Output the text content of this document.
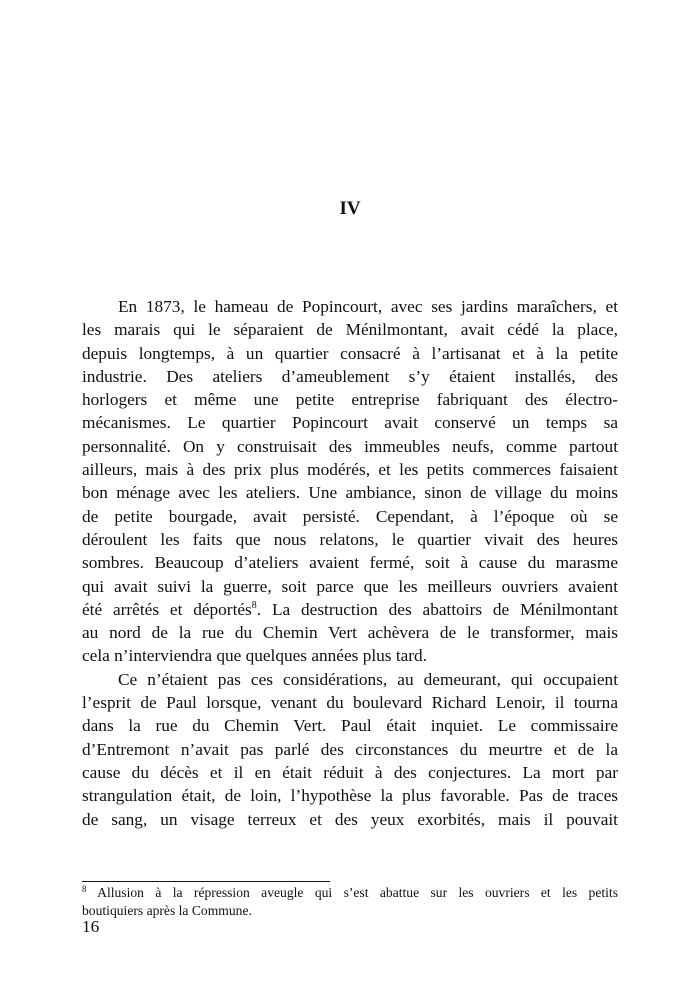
IV
En 1873, le hameau de Popincourt, avec ses jardins maraîchers, et
les marais qui le séparaient de Ménilmontant, avait cédé la place,
depuis longtemps, à un quartier consacré à l’artisanat et à la petite
industrie. Des ateliers d’ameublement s’y étaient installés, des
horlogers et même une petite entreprise fabriquant des électro-
mécanismes. Le quartier Popincourt avait conservé un temps sa
personnalité. On y construisait des immeubles neufs, comme partout
ailleurs, mais à des prix plus modérés, et les petits commerces faisaient
bon ménage avec les ateliers. Une ambiance, sinon de village du moins
de petite bourgade, avait persisté. Cependant, à l’époque où se
déroulent les faits que nous relatons, le quartier vivait des heures
sombres. Beaucoup d’ateliers avaient fermé, soit à cause du marasme
qui avait suivi la guerre, soit parce que les meilleurs ouvriers avaient
été arrêtés et déportés$^8$. La destruction des abattoirs de Ménilmontant
au nord de la rue du Chemin Vert achèvera de le transformer, mais
cela n’interviendra que quelques années plus tard.
Ce n’étaient pas ces considérations, au demeurant, qui occupaient
l’esprit de Paul lorsque, venant du boulevard Richard Lenoir, il tourna
dans la rue du Chemin Vert. Paul était inquiet. Le commissaire
d’Entremont n’avait pas parlé des circonstances du meurtre et de la
cause du décès et il en était réduit à des conjectures. La mort par
strangulation était, de loin, l’hypothèse la plus favorable. Pas de traces
de sang, un visage terreux et des yeux exorbités, mais il pouvait
$^8$ Allusion à la répression aveugle qui s’est abattue sur les ouvriers et les petits
boutiquiers après la Commune.
16
